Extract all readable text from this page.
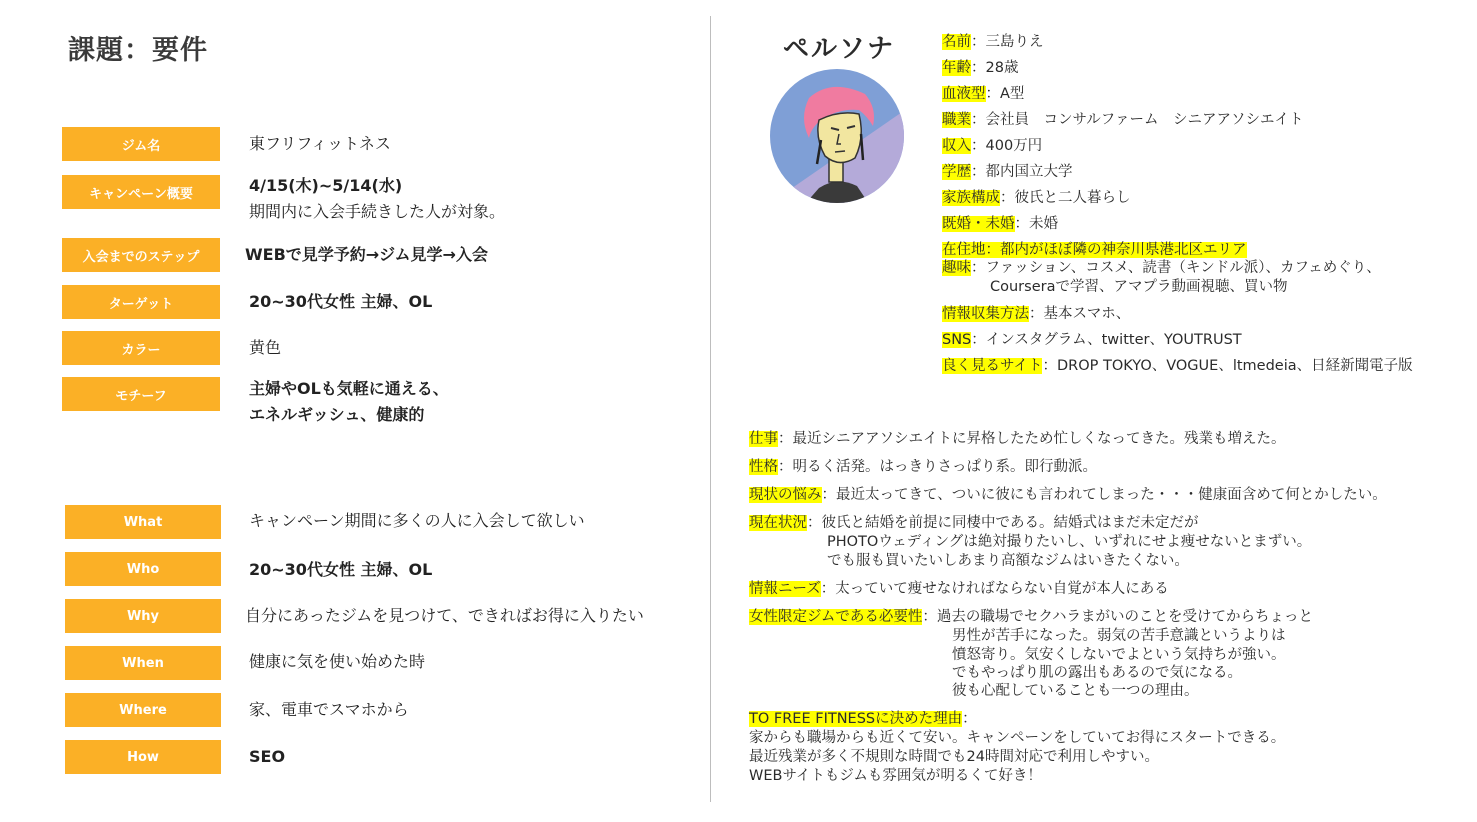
課題：要件
ジム名	東フリフィットネス
キャンペーン概要	4/15(木)~5/14(水)
期間内に入会手続きした人が対象。
入会までのステップ	WEBで見学予約→ジム見学→入会
ターゲット	20~30代女性 主婦、OL
カラー	黄色
モチーフ	主婦やOLも気軽に通える、
エネルギッシュ、健康的
What	キャンペーン期間に多くの人に入会して欲しい
Who	20~30代女性 主婦、OL
Why	自分にあったジムを見つけて、できればお得に入りたい
When	健康に気を使い始めた時
Where	家、電車でスマホから
How	SEO
ペルソナ	名前：三島りえ
年齢：28歳
血液型：A型
職業：会社員　コンサルファーム　シニアアソシエイト
収入：400万円
学歴：都内国立大学
家族構成：彼氏と二人暮らし
既婚・未婚：未婚
在住地：都内がほぼ隣の神奈川県港北区エリア
趣味：ファッション、コスメ、読書（キンドル派）、カフェめぐり、
Courseraで学習、アマプラ動画視聴、買い物
情報収集方法：基本スマホ、
SNS：インスタグラム、twitter、YOUTRUST
良く見るサイト：DROP TOKYO、VOGUE、ltmedeia、日経新聞電子版
仕事：最近シニアアソシエイトに昇格したため忙しくなってきた。残業も増えた。
性格：明るく活発。はっきりさっぱり系。即行動派。
現状の悩み：最近太ってきて、ついに彼にも言われてしまった・・・健康面含めて何とかしたい。
現在状況：彼氏と結婚を前提に同棲中である。結婚式はまだ未定だが
PHOTOウェディングは絶対撮りたいし、いずれにせよ痩せないとまずい。
でも服も買いたいしあまり高額なジムはいきたくない。
情報ニーズ：太っていて痩せなければならない自覚が本人にある
女性限定ジムである必要性：過去の職場でセクハラまがいのことを受けてからちょっと
男性が苦手になった。弱気の苦手意識というよりは
憤怒寄り。気安くしないでよという気持ちが強い。
でもやっぱり肌の露出もあるので気になる。
彼も心配していることも一つの理由。
TO FREE FITNESSに決めた理由：
家からも職場からも近くて安い。キャンペーンをしていてお得にスタートできる。
最近残業が多く不規則な時間でも24時間対応で利用しやすい。
WEBサイトもジムも雰囲気が明るくて好き！
